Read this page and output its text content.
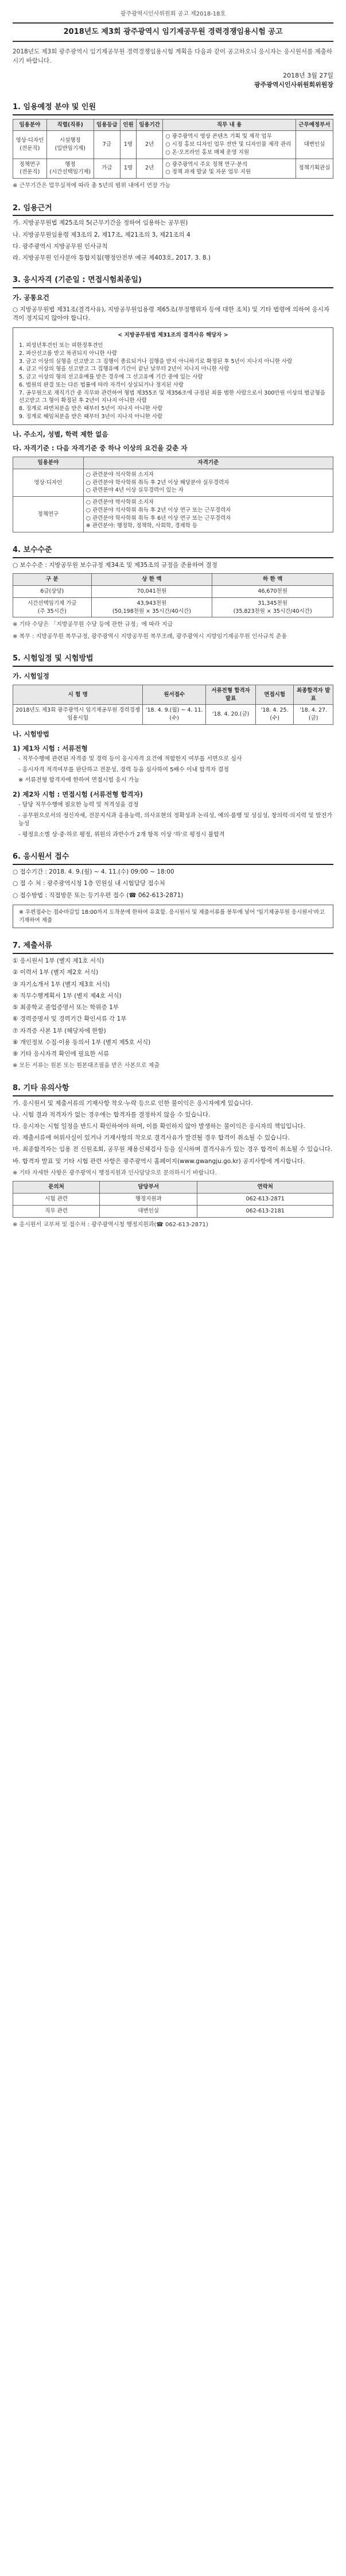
광주광역시인사위원회 공고 제2018-18호
2018년도 제3회 광주광역시 임기제공무원 경력경쟁임용시험 공고
2018년도 제3회 광주광역시 임기제공무원 경력경쟁임용시험 계획을 다음과 같이 공고하오니 응시자는 응시원서를 제출하시기 바랍니다.
2018년 3월 27일
광주광역시인사위원회위원장
1. 임용예정 분야 및 인원
임용분야	직렬(직류)	임용등급	인원	임용기간	직무 내 용	근무예정부서
영상·디자인
(전문직)	시설행정
(일반임기제)	7급	1명	2년	○ 광주광역시 영상 콘텐츠 기획 및 제작 업무
○ 시정 홍보 디자인 업무 전반 및 디자인물 제작 관리
○ 온·오프라인 홍보 매체 운영 지원	대변인실
정책연구
(전문직)	행정
(시간선택임기제)	가급	1명	2년	○ 광주광역시 주요 정책 연구·분석
○ 정책 과제 발굴 및 자문 업무 지원	정책기획관실
※ 근무기간은 업무실적에 따라 총 5년의 범위 내에서 연장 가능
2. 임용근거
가. 지방공무원법 제25조의 5(근무기간을 정하여 임용하는 공무원)
나. 지방공무원임용령 제3조의 2, 제17조, 제21조의 3, 제21조의 4
다. 광주광역시 지방공무원 인사규칙
라. 지방공무원 인사분야 통합지침(행정안전부 예규 제403호, 2017. 3. 8.)
3. 응시자격 (기준일 : 면접시험최종일)
가. 공통요건
○ 지방공무원법 제31조(결격사유), 지방공무원임용령 제65조(부정행위자 등에 대한 조치) 및 기타 법령에 의하여 응시자격이 정지되지 않아야 합니다.
< 지방공무원법 제31조의 결격사유 해당자 >
1. 피성년후견인 또는 피한정후견인
2. 파산선고를 받고 복권되지 아니한 사람
3. 금고 이상의 실형을 선고받고 그 집행이 종료되거나 집행을 받지 아니하기로 확정된 후 5년이 지나지 아니한 사람
4. 금고 이상의 형을 선고받고 그 집행유예 기간이 끝난 날부터 2년이 지나지 아니한 사람
5. 금고 이상의 형의 선고유예를 받은 경우에 그 선고유예 기간 중에 있는 사람
6. 법원의 판결 또는 다른 법률에 따라 자격이 상실되거나 정지된 사람
7. 공무원으로 재직기간 중 직무와 관련하여 형법 제355조 및 제356조에 규정된 죄를 범한 사람으로서 300만원 이상의 벌금형을 선고받고 그 형이 확정된 후 2년이 지나지 아니한 사람
8. 징계로 파면처분을 받은 때부터 5년이 지나지 아니한 사람
9. 징계로 해임처분을 받은 때부터 3년이 지나지 아니한 사람
나. 주소지, 성별, 학력 제한 없음
다. 자격기준 : 다음 자격기준 중 하나 이상의 요건을 갖춘 자
임용분야	자격기준
영상·디자인	○ 관련분야 석사학위 소지자
○ 관련분야 학사학위 취득 후 2년 이상 해당분야 실무경력자
○ 관련분야 4년 이상 실무경력이 있는 자
정책연구	○ 관련분야 박사학위 소지자
○ 관련분야 석사학위 취득 후 2년 이상 연구 또는 근무경력자
○ 관련분야 학사학위 취득 후 6년 이상 연구 또는 근무경력자
※ 관련분야: 행정학, 정책학, 사회학, 경제학 등
4. 보수수준
○ 보수수준 : 지방공무원 보수규정 제34조 및 제35조의 규정을 준용하여 결정
구 분	상 한 액	하 한 액
6급(상당)	70,041천원	46,670천원
시간선택임기제 가급
(주 35시간)	43,943천원
(50,198천원 × 35시간/40시간)	31,345천원
(35,823천원 × 35시간/40시간)
※ 기타 수당은 「지방공무원 수당 등에 관한 규정」에 따라 지급
※ 복무 : 지방공무원 복무규정, 광주광역시 지방공무원 복무조례, 광주광역시 지방임기제공무원 인사규칙 준용
5. 시험일정 및 시험방법
가. 시험일정
시 험 명	원서접수	서류전형 합격자 발표	면접시험	최종합격자 발표
2018년도 제3회 광주광역시 임기제공무원 경력경쟁임용시험	'18. 4. 9.(월) ~ 4. 11.(수)	'18. 4. 20.(금)	'18. 4. 25.(수)	'18. 4. 27.(금)
나. 시험방법
1) 제1차 시험 : 서류전형
- 직무수행에 관련된 자격증 및 경력 등이 응시자격 요건에 적합한지 여부를 서면으로 심사
- 응시자격 적격여부를 판단하고 전문성, 경력 등을 심사하여 5배수 이내 합격자 결정
※ 서류전형 합격자에 한하여 면접시험 응시 가능
2) 제2차 시험 : 면접시험 (서류전형 합격자)
- 담당 직무수행에 필요한 능력 및 적격성을 검정
- 공무원으로서의 정신자세, 전문지식과 응용능력, 의사표현의 정확성과 논리성, 예의·품행 및 성실성, 창의력·의지력 및 발전가능성
- 평정요소별 상·중·하로 평정, 위원의 과반수가 2개 항목 이상 '하'로 평정시 불합격
6. 응시원서 접수
○ 접수기간 : 2018. 4. 9.(월) ~ 4. 11.(수) 09:00 ~ 18:00
○ 접 수 처 : 광주광역시청 1층 민원실 내 시험담당 접수처
○ 접수방법 : 직접방문 또는 등기우편 접수 (☎ 062-613-2871)
※ 우편접수는 접수마감일 18:00까지 도착분에 한하여 유효함. 응시원서 및 제출서류를 봉투에 넣어 '임기제공무원 응시원서'라고 기재하여 제출
7. 제출서류
① 응시원서 1부 (별지 제1호 서식)
② 이력서 1부 (별지 제2호 서식)
③ 자기소개서 1부 (별지 제3호 서식)
④ 직무수행계획서 1부 (별지 제4호 서식)
⑤ 최종학교 졸업증명서 또는 학위증 1부
⑥ 경력증명서 및 경력기간 확인서류 각 1부
⑦ 자격증 사본 1부 (해당자에 한함)
⑧ 개인정보 수집·이용 동의서 1부 (별지 제5호 서식)
⑨ 기타 응시자격 확인에 필요한 서류
※ 모든 서류는 원본 또는 원본대조필을 받은 사본으로 제출
8. 기타 유의사항
가. 응시원서 및 제출서류의 기재사항 착오·누락 등으로 인한 불이익은 응시자에게 있습니다.
나. 시험 결과 적격자가 없는 경우에는 합격자를 결정하지 않을 수 있습니다.
다. 응시자는 시험 일정을 반드시 확인하여야 하며, 이를 확인하지 않아 발생하는 불이익은 응시자의 책임입니다.
라. 제출서류에 허위사실이 있거나 기재사항의 착오로 결격사유가 발견될 경우 합격이 취소될 수 있습니다.
마. 최종합격자는 임용 전 신원조회, 공무원 채용신체검사 등을 실시하며 결격사유가 있는 경우 합격이 취소될 수 있습니다.
바. 합격자 발표 및 기타 시험 관련 사항은 광주광역시 홈페이지(www.gwangju.go.kr) 공지사항에 게시합니다.
※ 기타 자세한 사항은 광주광역시 행정지원과 인사담당으로 문의하시기 바랍니다.
문의처	담당부서	연락처
시험 관련	행정지원과	062-613-2871
직무 관련	대변인실	062-613-2181
※ 응시원서 교부처 및 접수처 : 광주광역시청 행정지원과(☎ 062-613-2871)
